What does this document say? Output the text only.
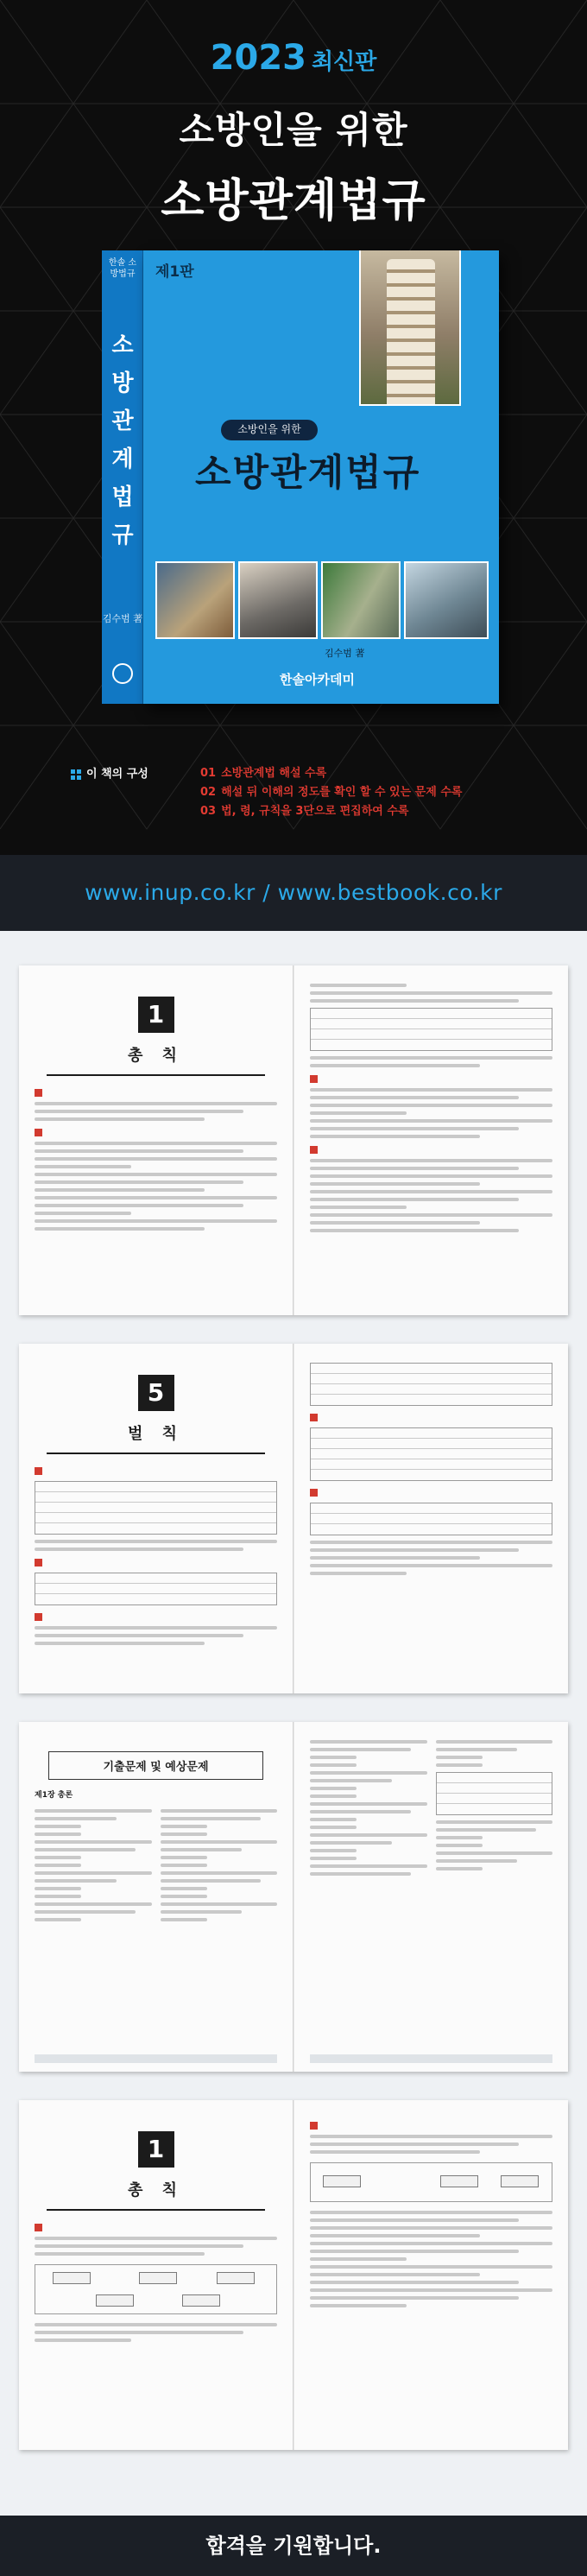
2023 최신판
소방인을 위한
소방관계법규
한솔 소방법규
소
방
관
계
법
규
김수범 著
제1판
소방인을 위한
소방관계법규
김수범 著
한솔아카데미
이 책의 구성	01 소방관계법 해설 수록
02 해설 뒤 이해의 정도를 확인 할 수 있는 문제 수록
03 법, 령, 규칙을 3단으로 편집하여 수록
www.inup.co.kr / www.bestbook.co.kr
1
총 칙
5
벌 칙
기출문제 및 예상문제
제1장 총론
1
총 칙
합격을 기원합니다.
